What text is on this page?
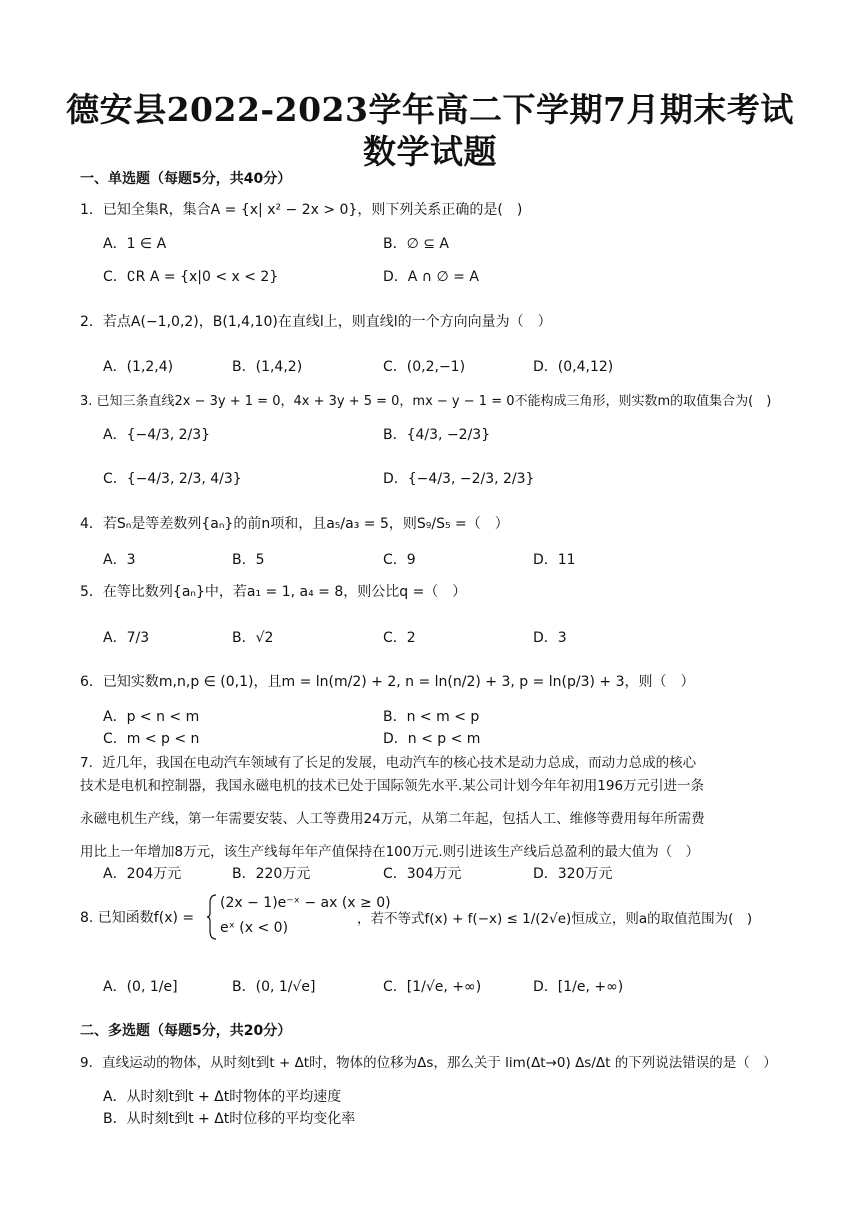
德安县2022-2023学年高二下学期7月期末考试
数学试题
一、单选题（每题5分，共40分）
1．已知全集R，集合A = {x| x² − 2x > 0}，则下列关系正确的是(　)
A．1 ∈ A	B．∅ ⊆ A
C．∁R A = {x|0 < x < 2}	D．A ∩ ∅ = A
2．若点A(−1,0,2)，B(1,4,10)在直线l上，则直线l的一个方向向量为（　）
A．(1,2,4)	B．(1,4,2)	C．(0,2,−1)	D．(0,4,12)
3. 已知三条直线2x − 3y + 1 = 0，4x + 3y + 5 = 0，mx − y − 1 = 0不能构成三角形，则实数m的取值集合为(　)
A．{−4/3, 2/3}	B．{4/3, −2/3}
C．{−4/3, 2/3, 4/3}	D．{−4/3, −2/3, 2/3}
4．若Sₙ是等差数列{aₙ}的前n项和，且a₅/a₃ = 5，则S₉/S₅ =（　）
A．3	B．5	C．9	D．11
5．在等比数列{aₙ}中，若a₁ = 1, a₄ = 8，则公比q =（　）
A．7/3	B．√2	C．2	D．3
6．已知实数m,n,p ∈ (0,1)，且m = ln(m/2) + 2, n = ln(n/2) + 3, p = ln(p/3) + 3，则（　）
A．p < n < m	B．n < m < p
C．m < p < n	D．n < p < m
7．近几年，我国在电动汽车领域有了长足的发展，电动汽车的核心技术是动力总成，而动力总成的核心
技术是电机和控制器，我国永磁电机的技术已处于国际领先水平.某公司计划今年年初用196万元引进一条
永磁电机生产线，第一年需要安装、人工等费用24万元，从第二年起，包括人工、维修等费用每年所需费
用比上一年增加8万元，该生产线每年年产值保持在100万元.则引进该生产线后总盈利的最大值为（　）
A．204万元	B．220万元	C．304万元	D．320万元
8. 已知函数f(x) =
(2x − 1)e⁻ˣ − ax (x ≥ 0)
eˣ (x < 0)
，若不等式f(x) + f(−x) ≤ 1/(2√e)恒成立，则a的取值范围为(　)
A．(0, 1/e]	B．(0, 1/√e]	C．[1/√e, +∞)	D．[1/e, +∞)
二、多选题（每题5分，共20分）
9．直线运动的物体，从时刻t到t + Δt时，物体的位移为Δs，那么关于 lim(Δt→0) Δs/Δt 的下列说法错误的是（　）
A．从时刻t到t + Δt时物体的平均速度
B．从时刻t到t + Δt时位移的平均变化率
